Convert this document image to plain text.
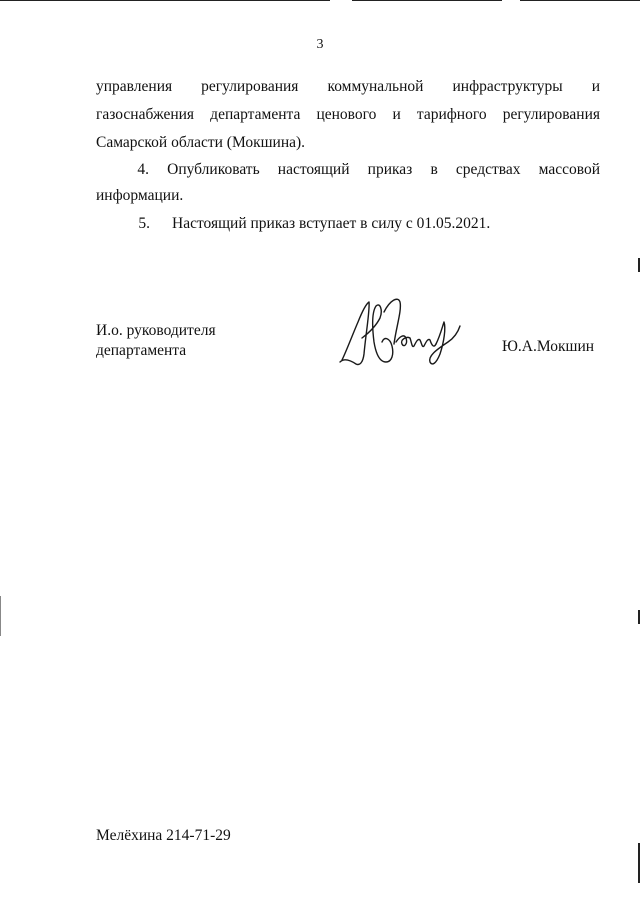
3
управления регулирования коммунальной инфраструктуры и газоснабжения департамента ценового и тарифного регулирования Самарской области (Мокшина).
4. Опубликовать настоящий приказ в средствах массовой
информации.
5. Настоящий приказ вступает в силу с 01.05.2021.
И.о. руководителя
департамента	Ю.А.Мокшин
Мелёхина 214-71-29
